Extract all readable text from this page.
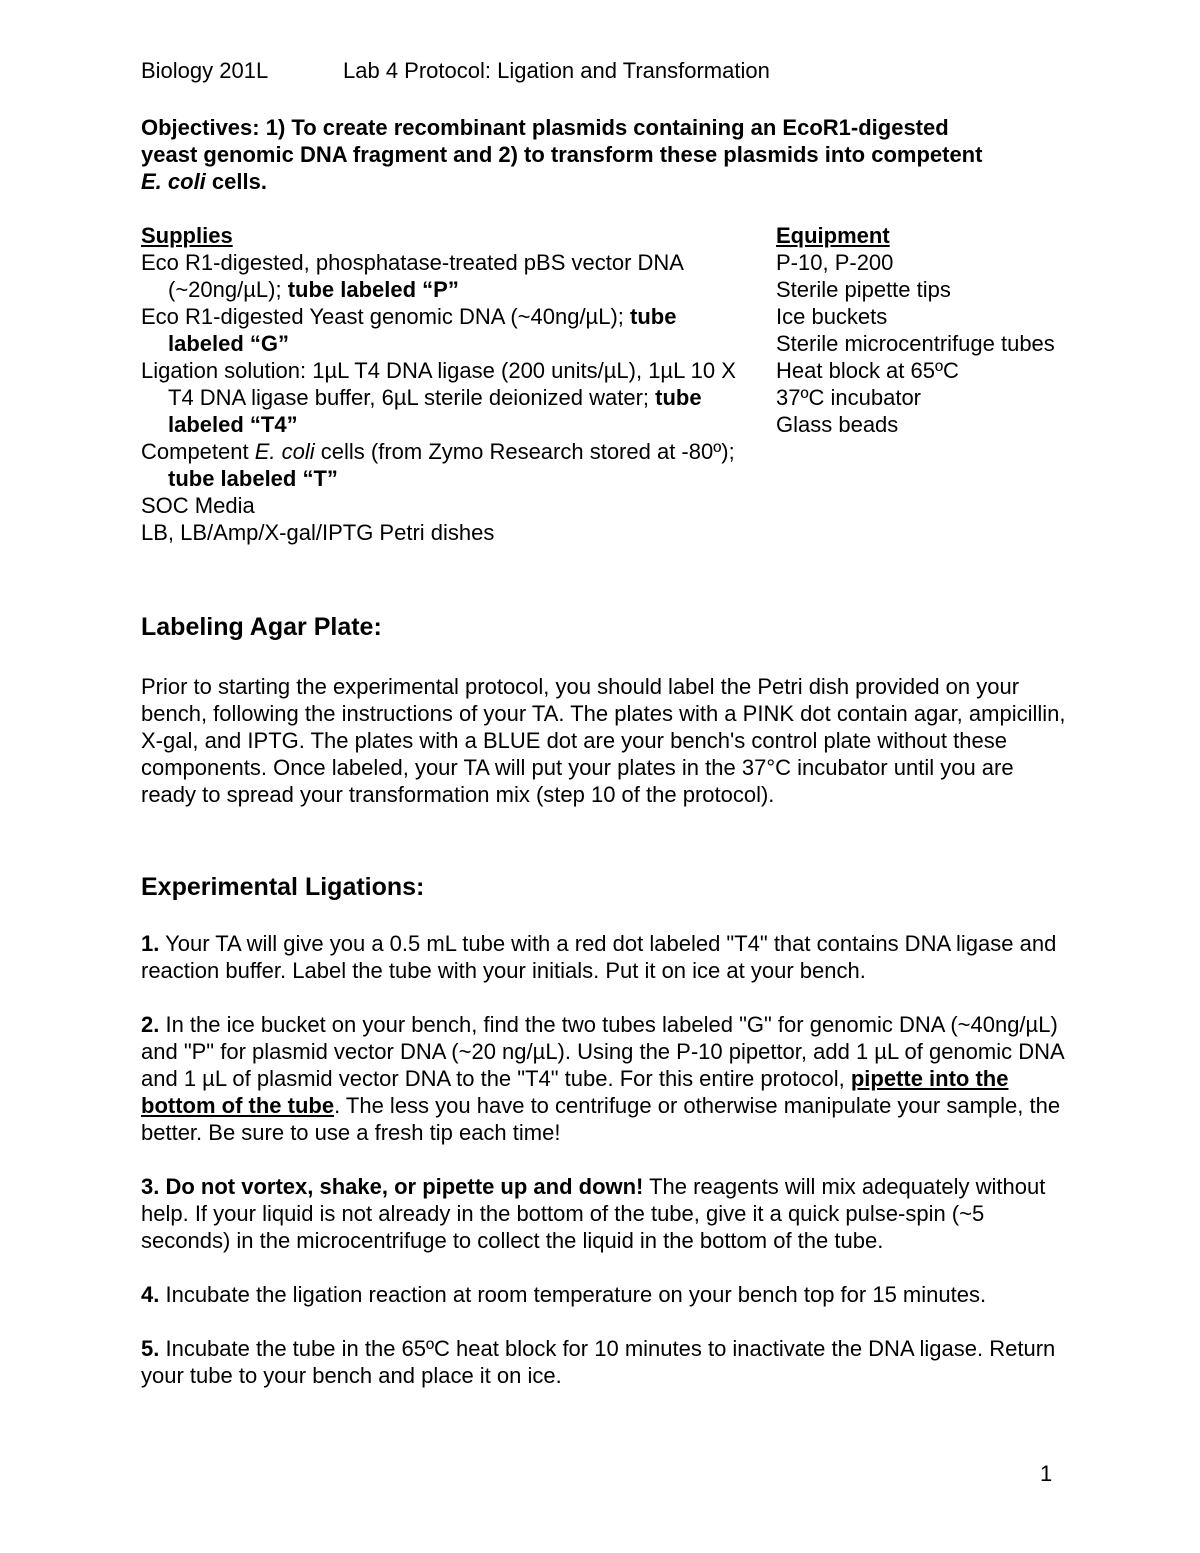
Biology 201L	Lab 4 Protocol: Ligation and Transformation
Objectives: 1) To create recombinant plasmids containing an EcoR1-digested
yeast genomic DNA fragment and 2) to transform these plasmids into competent
E. coli cells.
Supplies
Eco R1-digested, phosphatase-treated pBS vector DNA (~20ng/µL); tube labeled “P”
Eco R1-digested Yeast genomic DNA (~40ng/µL); tube labeled “G”
Ligation solution: 1µL T4 DNA ligase (200 units/µL), 1µL 10 X T4 DNA ligase buffer, 6µL sterile deionized water; tube labeled “T4”
Competent E. coli cells (from Zymo Research stored at -80º); tube labeled “T”
SOC Media
LB, LB/Amp/X-gal/IPTG Petri dishes
Equipment
P-10, P-200
Sterile pipette tips
Ice buckets
Sterile microcentrifuge tubes
Heat block at 65ºC
37ºC incubator
Glass beads
Labeling Agar Plate:
Prior to starting the experimental protocol, you should label the Petri dish provided on your bench, following the instructions of your TA. The plates with a PINK dot contain agar, ampicillin, X-gal, and IPTG. The plates with a BLUE dot are your bench's control plate without these components. Once labeled, your TA will put your plates in the 37°C incubator until you are ready to spread your transformation mix (step 10 of the protocol).
Experimental Ligations:

1. Your TA will give you a 0.5 mL tube with a red dot labeled "T4" that contains DNA ligase and reaction buffer. Label the tube with your initials. Put it on ice at your bench.

2. In the ice bucket on your bench, find the two tubes labeled "G" for genomic DNA (~40ng/µL) and "P" for plasmid vector DNA (~20 ng/µL). Using the P-10 pipettor, add 1 µL of genomic DNA and 1 µL of plasmid vector DNA to the "T4" tube. For this entire protocol, pipette into the bottom of the tube. The less you have to centrifuge or otherwise manipulate your sample, the better. Be sure to use a fresh tip each time!

3. Do not vortex, shake, or pipette up and down! The reagents will mix adequately without help. If your liquid is not already in the bottom of the tube, give it a quick pulse-spin (~5 seconds) in the microcentrifuge to collect the liquid in the bottom of the tube.

4. Incubate the ligation reaction at room temperature on your bench top for 15 minutes.

5. Incubate the tube in the 65ºC heat block for 10 minutes to inactivate the DNA ligase. Return your tube to your bench and place it on ice.

1
